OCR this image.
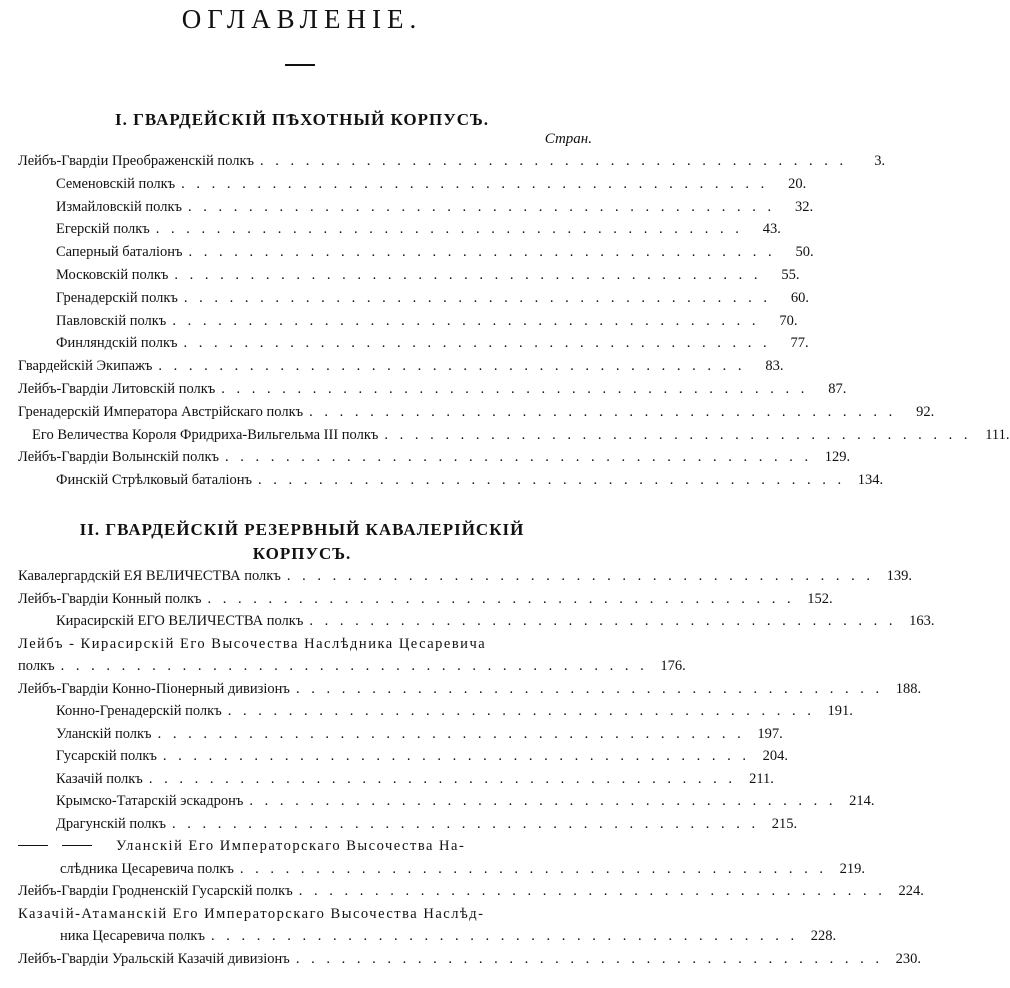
ОГЛАВЛЕНІЕ.
I. ГВАРДЕЙСКІЙ ПѢХОТНЫЙ КОРПУСЪ.
Стран.
II. ГВАРДЕЙСКІЙ РЕЗЕРВНЫЙ КАВАЛЕРІЙСКІЙ
КОРПУСЪ.
Лейбъ-Гвардіи Преображенскій полкъ . . . . . . . . . . . . . . . . . . . . . . . . . . . . . . . . . . . . . . .	3.
Семеновскій полкъ . . . . . . . . . . . . . . . . . . . . . . . . . . . . . . . . . . . . . . .	20.
Измайловскій полкъ . . . . . . . . . . . . . . . . . . . . . . . . . . . . . . . . . . . . . . .	32.
Егерскій полкъ . . . . . . . . . . . . . . . . . . . . . . . . . . . . . . . . . . . . . . .	43.
Саперный баталіонъ . . . . . . . . . . . . . . . . . . . . . . . . . . . . . . . . . . . . . . .	50.
Московскій полкъ . . . . . . . . . . . . . . . . . . . . . . . . . . . . . . . . . . . . . . .	55.
Гренадерскій полкъ . . . . . . . . . . . . . . . . . . . . . . . . . . . . . . . . . . . . . . .	60.
Павловскій полкъ . . . . . . . . . . . . . . . . . . . . . . . . . . . . . . . . . . . . . . .	70.
Финляндскій полкъ . . . . . . . . . . . . . . . . . . . . . . . . . . . . . . . . . . . . . . .	77.
Гвардейскій Экипажъ . . . . . . . . . . . . . . . . . . . . . . . . . . . . . . . . . . . . . . .	83.
Лейбъ-Гвардіи Литовскій полкъ . . . . . . . . . . . . . . . . . . . . . . . . . . . . . . . . . . . . . . .	87.
Гренадерскій Императора Австрійскаго полкъ . . . . . . . . . . . . . . . . . . . . . . . . . . . . . . . . . . . . . . .	92.
Его Величества Короля Фридриха-Вильгельма III полкъ . . . . . . . . . . . . . . . . . . . . . . . . . . . . . . . . . . . . . . . 111.
Лейбъ-Гвардіи Волынскій полкъ . . . . . . . . . . . . . . . . . . . . . . . . . . . . . . . . . . . . . . . 129.
Финскій Стрѣлковый баталіонъ . . . . . . . . . . . . . . . . . . . . . . . . . . . . . . . . . . . . . . . 134.
Кавалергардскій ЕЯ ВЕЛИЧЕСТВА полкъ . . . . . . . . . . . . . . . . . . . . . . . . . . . . . . . . . . . . . . . 139.
Лейбъ-Гвардіи Конный полкъ . . . . . . . . . . . . . . . . . . . . . . . . . . . . . . . . . . . . . . . 152.
Кирасирскій ЕГО ВЕЛИЧЕСТВА полкъ . . . . . . . . . . . . . . . . . . . . . . . . . . . . . . . . . . . . . . . 163.
Лейбъ - Кирасирскій Его Высочества Наслѣдника Цесаревича
полкъ . . . . . . . . . . . . . . . . . . . . . . . . . . . . . . . . . . . . . . . 176.
Лейбъ-Гвардіи Конно-Піонерный дивизіонъ . . . . . . . . . . . . . . . . . . . . . . . . . . . . . . . . . . . . . . . 188.
Конно-Гренадерскій полкъ . . . . . . . . . . . . . . . . . . . . . . . . . . . . . . . . . . . . . . . 191.
Уланскій полкъ . . . . . . . . . . . . . . . . . . . . . . . . . . . . . . . . . . . . . . . 197.
Гусарскій полкъ . . . . . . . . . . . . . . . . . . . . . . . . . . . . . . . . . . . . . . . 204.
Казачій полкъ . . . . . . . . . . . . . . . . . . . . . . . . . . . . . . . . . . . . . . . 211.
Крымско-Татарскій эскадронъ . . . . . . . . . . . . . . . . . . . . . . . . . . . . . . . . . . . . . . . 214.
Драгунскій полкъ . . . . . . . . . . . . . . . . . . . . . . . . . . . . . . . . . . . . . . . 215.
Уланскій Его Императорскаго Высочества На-
слѣдника Цесаревича полкъ . . . . . . . . . . . . . . . . . . . . . . . . . . . . . . . . . . . . . . . 219.
Лейбъ-Гвардіи Гродненскій Гусарскій полкъ . . . . . . . . . . . . . . . . . . . . . . . . . . . . . . . . . . . . . . . 224.
Казачій-Атаманскій Его Императорскаго Высочества Наслѣд-
ника Цесаревича полкъ . . . . . . . . . . . . . . . . . . . . . . . . . . . . . . . . . . . . . . . 228.
Лейбъ-Гвардіи Уральскій Казачій дивизіонъ . . . . . . . . . . . . . . . . . . . . . . . . . . . . . . . . . . . . . . . 230.
